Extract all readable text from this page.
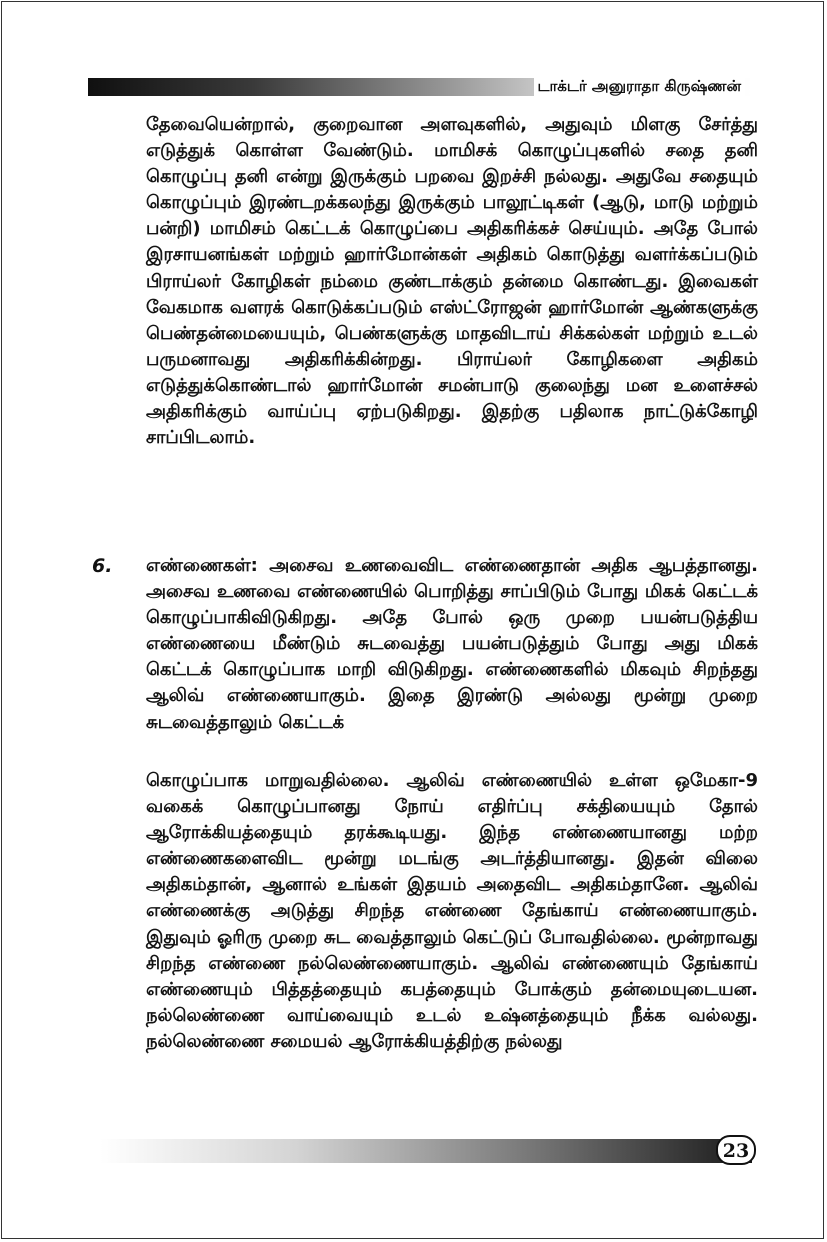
டாக்டர் அனுராதா கிருஷ்ணன்

தேவையென்றால், குறைவான அளவுகளில், அதுவும் மிளகு சேர்த்து எடுத்துக் கொள்ள வேண்டும். மாமிசக் கொழுப்புகளில் சதை தனி கொழுப்பு தனி என்று இருக்கும் பறவை இறச்சி நல்லது. அதுவே சதையும் கொழுப்பும் இரண்டறக்கலந்து இருக்கும் பாலூட்டிகள் (ஆடு, மாடு மற்றும் பன்றி) மாமிசம் கெட்டக் கொழுப்பை அதிகரிக்கச் செய்யும். அதே போல் இரசாயனங்கள் மற்றும் ஹார்மோன்கள் அதிகம் கொடுத்து வளர்க்கப்படும் பிராய்லர் கோழிகள் நம்மை குண்டாக்கும் தன்மை கொண்டது. இவைகள் வேகமாக வளரக் கொடுக்கப்படும் எஸ்ட்ரோஜன் ஹார்மோன் ஆண்களுக்கு பெண்தன்மையையும், பெண்களுக்கு மாதவிடாய் சிக்கல்கள் மற்றும் உடல் பருமனாவது அதிகரிக்கின்றது. பிராய்லர் கோழிகளை அதிகம் எடுத்துக்கொண்டால் ஹார்மோன் சமன்பாடு குலைந்து மன உளைச்சல் அதிகரிக்கும் வாய்ப்பு ஏற்படுகிறது. இதற்கு பதிலாக நாட்டுக்கோழி சாப்பிடலாம்.

6. எண்ணைகள்: அசைவ உணவைவிட எண்ணைதான் அதிக ஆபத்தானது. அசைவ உணவை எண்ணையில் பொறித்து சாப்பிடும் போது மிகக் கெட்டக் கொழுப்பாகிவிடுகிறது. அதே போல் ஒரு முறை பயன்படுத்திய எண்ணையை மீண்டும் சுடவைத்து பயன்படுத்தும் போது அது மிகக் கெட்டக் கொழுப்பாக மாறி விடுகிறது. எண்ணைகளில் மிகவும் சிறந்தது ஆலிவ் எண்ணையாகும். இதை இரண்டு அல்லது மூன்று முறை சுடவைத்தாலும் கெட்டக்

கொழுப்பாக மாறுவதில்லை. ஆலிவ் எண்ணையில் உள்ள ஒமேகா-9 வகைக் கொழுப்பானது நோய் எதிர்ப்பு சக்தியையும் தோல் ஆரோக்கியத்தையும் தரக்கூடியது. இந்த எண்ணையானது மற்ற எண்ணைகளைவிட மூன்று மடங்கு அடர்த்தியானது. இதன் விலை அதிகம்தான், ஆனால் உங்கள் இதயம் அதைவிட அதிகம்தானே. ஆலிவ் எண்ணைக்கு அடுத்து சிறந்த எண்ணை தேங்காய் எண்ணையாகும். இதுவும் ஓரிரு முறை சுட வைத்தாலும் கெட்டுப் போவதில்லை. மூன்றாவது சிறந்த எண்ணை நல்லெண்ணையாகும். ஆலிவ் எண்ணையும் தேங்காய் எண்ணையும் பித்தத்தையும் கபத்தையும் போக்கும் தன்மையுடையன. நல்லெண்ணை வாய்வையும் உடல் உஷ்னத்தையும் நீக்க வல்லது. நல்லெண்ணை சமையல் ஆரோக்கியத்திற்கு நல்லது

23
